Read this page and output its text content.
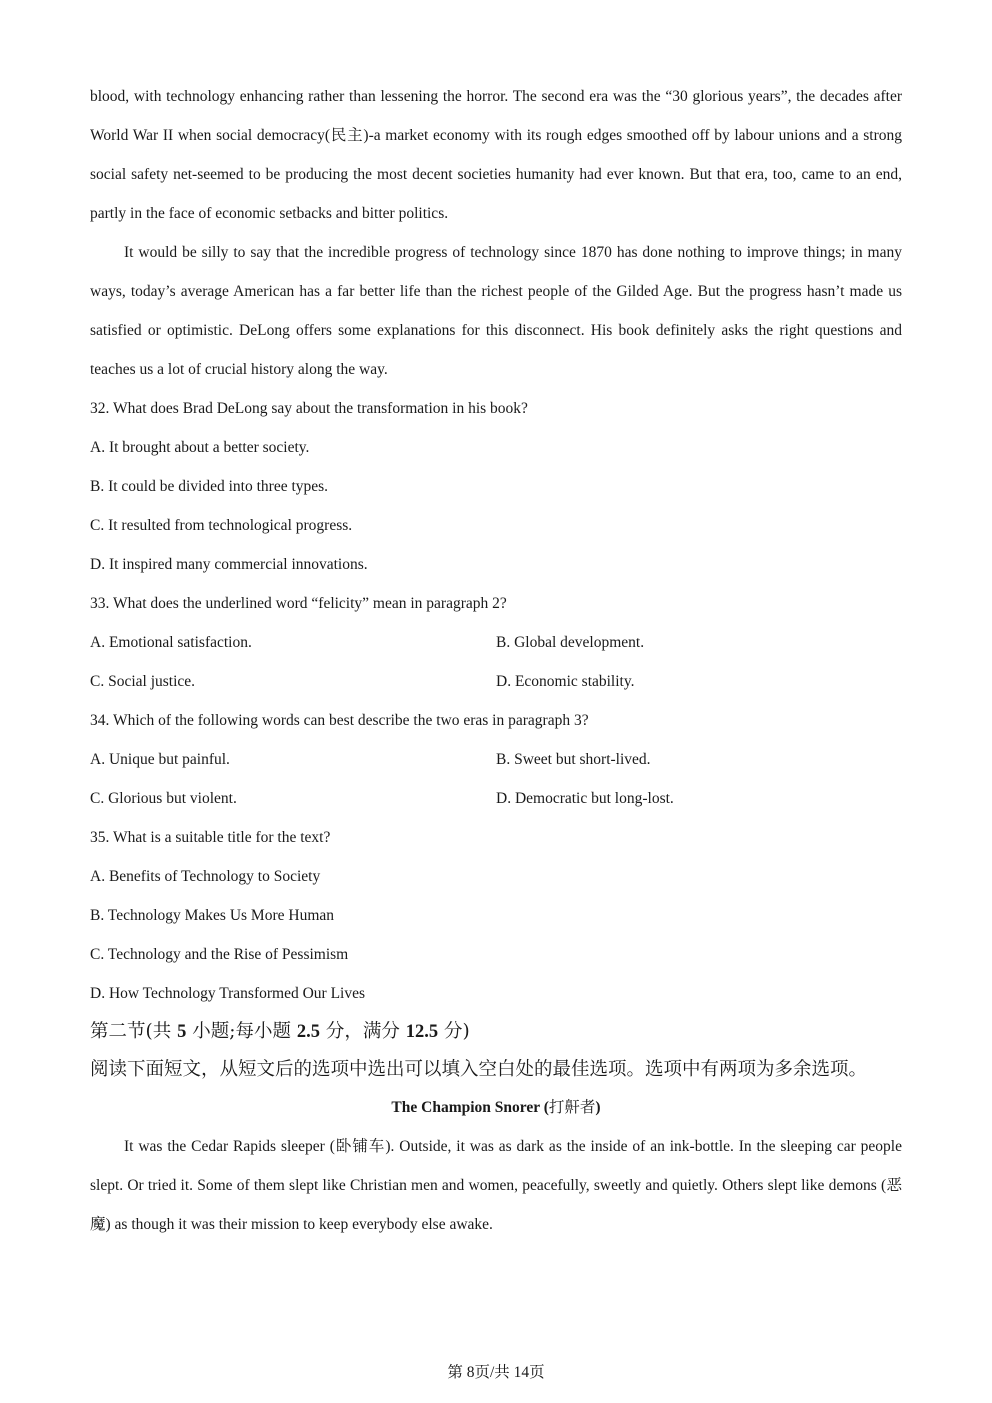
blood, with technology enhancing rather than lessening the horror. The second era was the “30 glorious years”, the decades after World War II when social democracy(民主)-a market economy with its rough edges smoothed off by labour unions and a strong social safety net-seemed to be producing the most decent societies humanity had ever known. But that era, too, came to an end, partly in the face of economic setbacks and bitter politics.

It would be silly to say that the incredible progress of technology since 1870 has done nothing to improve things; in many ways, today’s average American has a far better life than the richest people of the Gilded Age. But the progress hasn’t made us satisfied or optimistic. DeLong offers some explanations for this disconnect. His book definitely asks the right questions and teaches us a lot of crucial history along the way.

32. What does Brad DeLong say about the transformation in his book?

A. It brought about a better society.

B. It could be divided into three types.

C. It resulted from technological progress.

D. It inspired many commercial innovations.

33. What does the underlined word “felicity” mean in paragraph 2?

A. Emotional satisfaction.	B. Global development.
C. Social justice.	D. Economic stability.

34. Which of the following words can best describe the two eras in paragraph 3?

A. Unique but painful.	B. Sweet but short-lived.
C. Glorious but violent.	D. Democratic but long-lost.

35. What is a suitable title for the text?

A. Benefits of Technology to Society

B. Technology Makes Us More Human

C. Technology and the Rise of Pessimism

D. How Technology Transformed Our Lives

第二节(共 5 小题;每小题 2.5 分，满分 12.5 分)

阅读下面短文，从短文后的选项中选出可以填入空白处的最佳选项。选项中有两项为多余选项。

The Champion Snorer (打鼾者)

It was the Cedar Rapids sleeper (卧铺车). Outside, it was as dark as the inside of an ink-bottle. In the sleeping car people slept. Or tried it. Some of them slept like Christian men and women, peacefully, sweetly and quietly. Others slept like demons (恶魔) as though it was their mission to keep everybody else awake.

第 8页/共 14页
